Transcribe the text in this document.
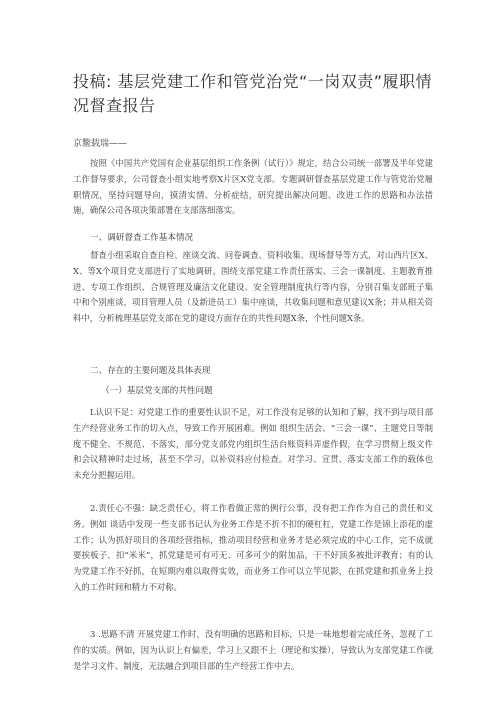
投稿: 基层党建工作和管党治党“一岗双责”履职情况督查报告
京鳖载瑞——
按照《中国共产党国有企业基层组织工作条例（试行）》规定，结合公司统一部署及半年党建工作督导要求，公司督查小组实地考察X片区X党支部。专题调研督查基层党建工作与管党治党履职情况，坚持问题导向，摸清实情、分析症结，研究提出解决问题、改进工作的思路和办法措施，确保公司各项决策部署在支部落细落实。
一、调研督查工作基本情况
督查小组采取自查自检、座谈交流、问卷调查、资料收集、现场督导等方式，对山西片区X、X、等X个项目党支部进行了实地调研。围绕支部党建工作责任落实、三会一课制度、主题教育推进、专项工作组织、合规管理及廉洁文化建设、安全管理制度执行等内容，分别召集支部班子集中和个别座谈，项目管理人员（及新进员工）集中座谈，共收集问题和意见建议X条；并从相关资料中，分析梳理基层党支部在党的建设方面存在的共性问题X条，个性问题X条。
二、存在的主要问题及具体表现
（一）基层党支部的共性问题
L认识不足：对党建工作的重要性认识不足，对工作没有足够的认知和了解，找不到与项目部生产经营业务工作的切入点，导致工作开展困难。例如 组织生活会、“三会一课”、主题党日等制度不健全、不规范、不落实，部分党支部党内组织生活台账资料弄虚作假，在学习贯彻上级文件和会议精神时走过场，甚至不学习，以补资料应付检查。对学习、宣贯、落实支部工作的载体也未充分把握运用。
2.责任心不强：缺乏责任心，将工作看做正常的例行公事，没有把工作作为自己的责任和义务。例如 谈话中发现一些支部书记认为业务工作是不折不扣的硬杠杠，党建工作是锦上添花的虚工作；认为抓好项目的各项经营指标，推动项目经营和业务才是必须完成的中心工作，完不成就要挨板子、扣“米米”，抓党建是可有可无、可多可少的附加品，干不好顶多被批评教育；有的认为党建工作不好抓，在短期内难以取得实效，而业务工作可以立竿见影，在抓党建和抓业务上投入的工作时间和精力不对称。
3 .思路不清 开展党建工作时，没有明确的思路和目标，只是一味地想着完成任务，忽视了工作的实质。例如，因为认识上有偏差，学习上又跟不上（理论和实操），导致认为支部党建工作就是学习文件、制度，无法融合到项目部的生产经营工作中去。
